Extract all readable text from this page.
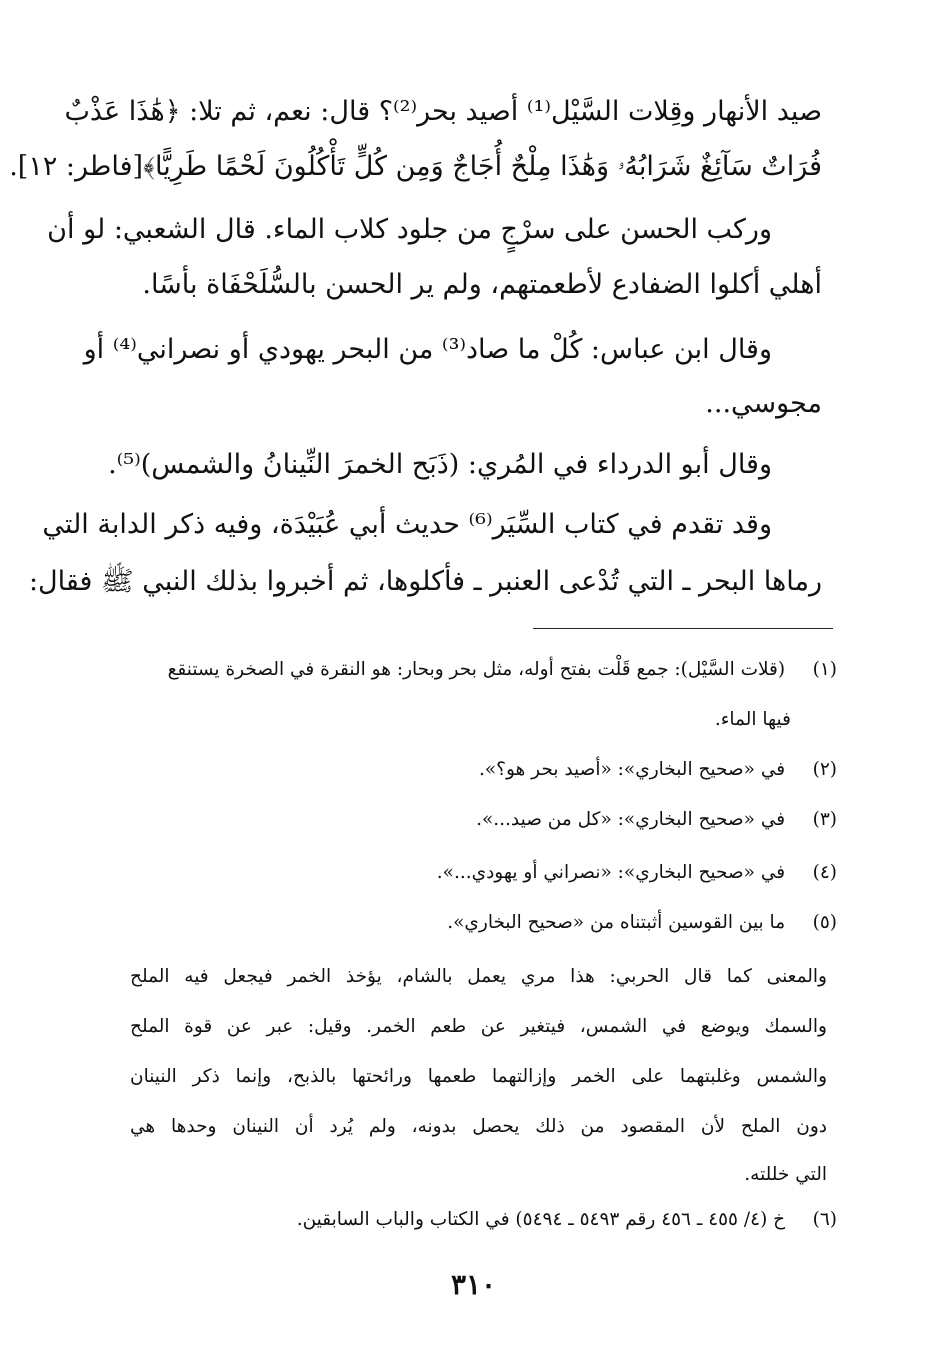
صيد الأنهار وقِلات السَّيْل⁽¹⁾ أصيد بحر⁽²⁾؟ قال: نعم، ثم تلا: ﴿هَٰذَا عَذْبٌ
فُرَاتٌ سَآئِغٌ شَرَابُهُۥ وَهَٰذَا مِلْحٌ أُجَاجٌ وَمِن كُلٍّ تَأْكُلُونَ لَحْمًا طَرِيًّا﴾[فاطر: ١٢].
وركب الحسن على سرْجٍ من جلود كلاب الماء. قال الشعبي: لو أن
أهلي أكلوا الضفادع لأطعمتهم، ولم ير الحسن بالسُّلَحْفَاة بأسًا.
وقال ابن عباس: كُلْ ما صاد⁽³⁾ من البحر يهودي أو نصراني⁽⁴⁾ أو
مجوسي...
وقال أبو الدرداء في المُري: (ذَبَح الخمرَ النِّينانُ والشمس)⁽⁵⁾.
وقد تقدم في كتاب السِّيَر⁽⁶⁾ حديث أبي عُبَيْدَة، وفيه ذكر الدابة التي
رماها البحر ـ التي تُدْعى العنبر ـ فأكلوها، ثم أخبروا بذلك النبي ﷺ فقال:
(١) (قلات السَّيْل): جمع قَلْت بفتح أوله، مثل بحر وبحار: هو النقرة في الصخرة يستنقع
فيها الماء.
(٢) في «صحيح البخاري»: «أصيد بحر هو؟».
(٣) في «صحيح البخاري»: «كل من صيد...».
(٤) في «صحيح البخاري»: «نصراني أو يهودي...».
(٥) ما بين القوسين أثبتناه من «صحيح البخاري».
والمعنى كما قال الحربي: هذا مري يعمل بالشام، يؤخذ الخمر فيجعل فيه الملح
والسمك ويوضع في الشمس، فيتغير عن طعم الخمر. وقيل: عبر عن قوة الملح
والشمس وغلبتهما على الخمر وإزالتهما طعمها ورائحتها بالذبح، وإنما ذكر النينان
دون الملح لأن المقصود من ذلك يحصل بدونه، ولم يُرد أن النينان وحدها هي
التي خللته.
(٦) خ (٤/ ٤٥٥ ـ ٤٥٦ رقم ٥٤٩٣ ـ ٥٤٩٤) في الكتاب والباب السابقين.
٣١٠
